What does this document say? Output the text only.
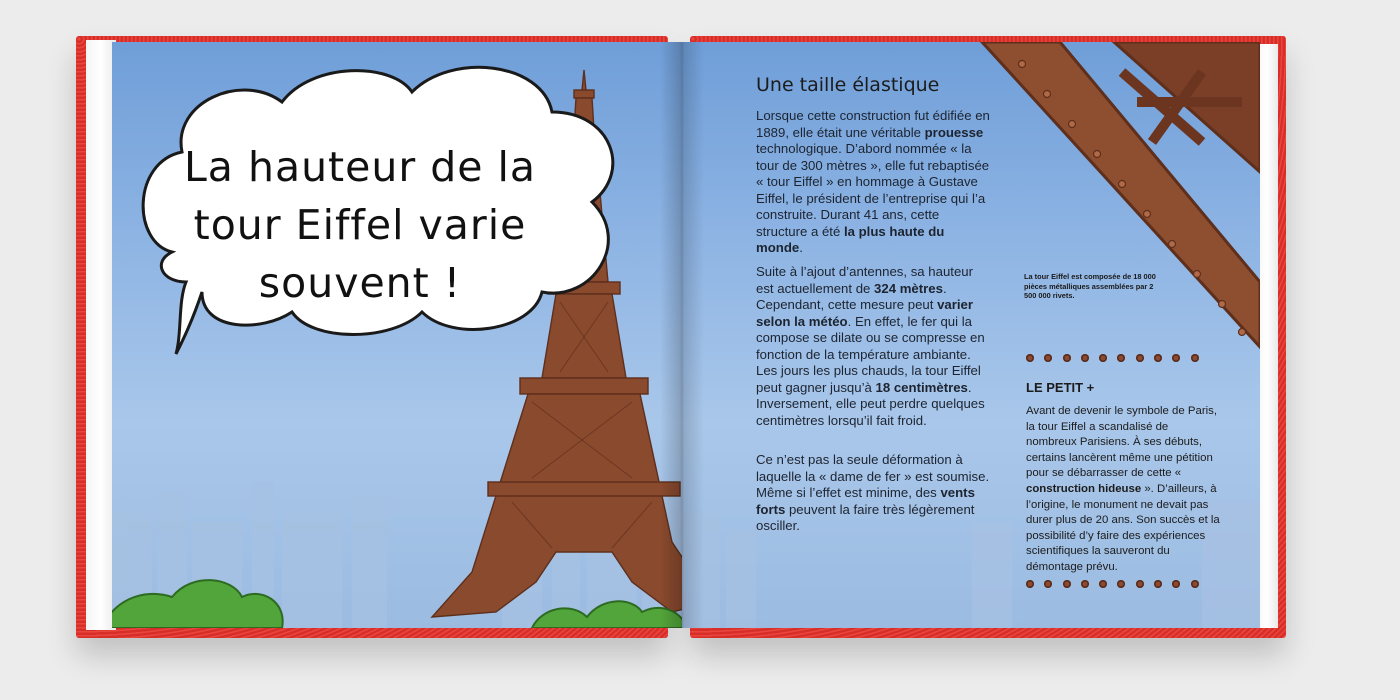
La hauteur de la
tour Eiffel varie
souvent !
Une taille élastique
Lorsque cette construction fut édifiée en 1889, elle était une véritable prouesse technologique. D’abord nommée « la tour de 300 mètres », elle fut rebaptisée « tour Eiffel » en hommage à Gustave Eiffel, le président de l’entreprise qui l’a construite. Durant 41 ans, cette structure a été la plus haute du monde.
Suite à l’ajout d’antennes, sa hauteur est actuellement de 324 mètres. Cependant, cette mesure peut varier selon la météo. En effet, le fer qui la compose se dilate ou se compresse en fonction de la température ambiante. Les jours les plus chauds, la tour Eiffel peut gagner jusqu’à 18 centimètres. Inversement, elle peut perdre quelques centimètres lorsqu’il fait froid.
Ce n’est pas la seule déformation à laquelle la « dame de fer » est soumise. Même si l’effet est minime, des vents forts peuvent la faire très légèrement osciller.
La tour Eiffel est composée de 18 000 pièces métalliques assemblées par 2 500 000 rivets.
LE PETIT +
Avant de devenir le symbole de Paris, la tour Eiffel a scandalisé de nombreux Parisiens. À ses débuts, certains lancèrent même une pétition pour se débarrasser de cette « construction hideuse ». D’ailleurs, à l’origine, le monument ne devait pas durer plus de 20 ans. Son succès et la possibilité d’y faire des expériences scientifiques la sauveront du démontage prévu.
